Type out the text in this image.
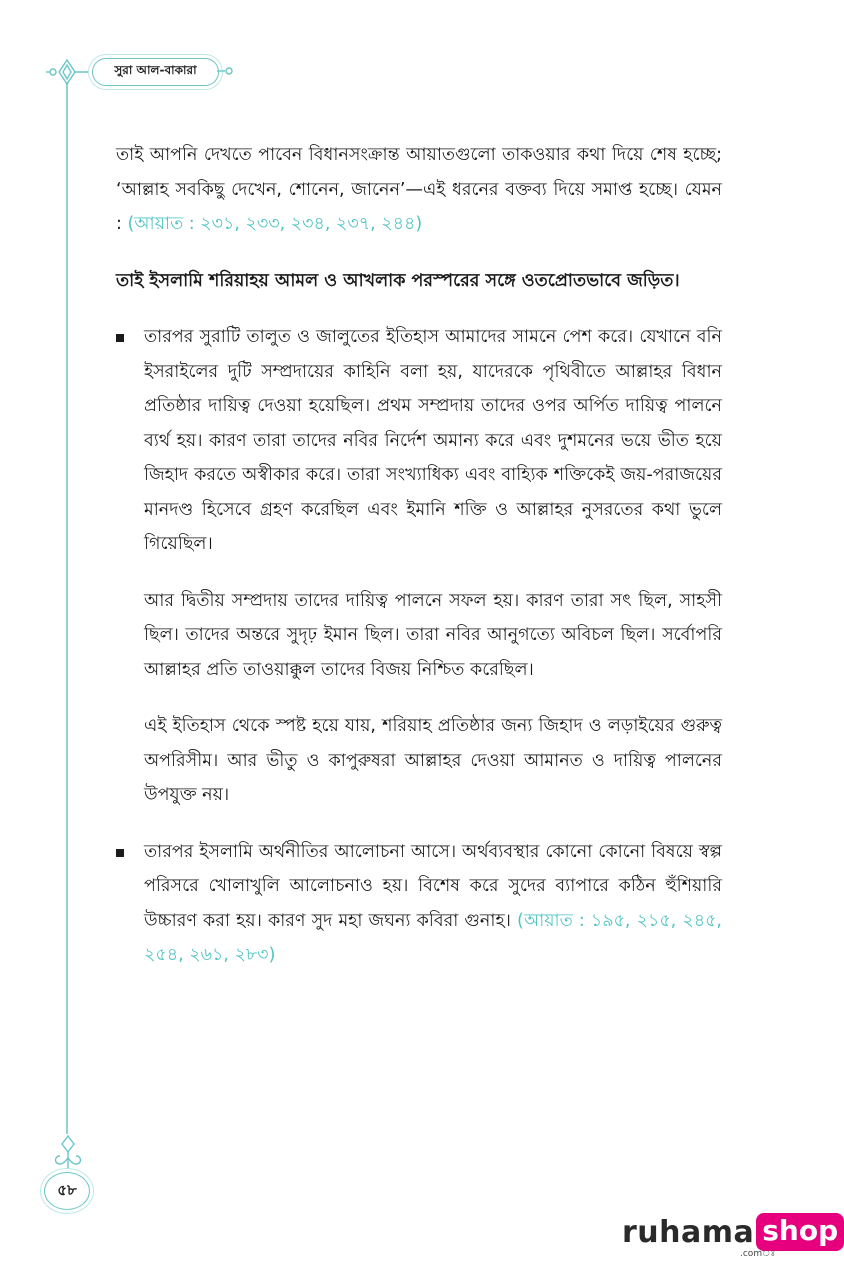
সুরা আল-বাকারা
৫৮

তাই আপনি দেখতে পাবেন বিধানসংক্রান্ত আয়াতগুলো তাকওয়ার কথা দিয়ে শেষ হচ্ছে; ‘আল্লাহ সবকিছু দেখেন, শোনেন, জানেন’—এই ধরনের বক্তব্য দিয়ে সমাপ্ত হচ্ছে। যেমন : (আয়াত : ২৩১, ২৩৩, ২৩৪, ২৩৭, ২৪৪)

তাই ইসলামি শরিয়াহয় আমল ও আখলাক পরস্পরের সঙ্গে ওতপ্রোতভাবে জড়িত।

তারপর সুরাটি তালুত ও জালুতের ইতিহাস আমাদের সামনে পেশ করে। যেখানে বনি ইসরাইলের দুটি সম্প্রদায়ের কাহিনি বলা হয়, যাদেরকে পৃথিবীতে আল্লাহর বিধান প্রতিষ্ঠার দায়িত্ব দেওয়া হয়েছিল। প্রথম সম্প্রদায় তাদের ওপর অর্পিত দায়িত্ব পালনে ব্যর্থ হয়। কারণ তারা তাদের নবির নির্দেশ অমান্য করে এবং দুশমনের ভয়ে ভীত হয়ে জিহাদ করতে অস্বীকার করে। তারা সংখ্যাধিক্য এবং বাহ্যিক শক্তিকেই জয়-পরাজয়ের মানদণ্ড হিসেবে গ্রহণ করেছিল এবং ইমানি শক্তি ও আল্লাহর নুসরতের কথা ভুলে গিয়েছিল।

আর দ্বিতীয় সম্প্রদায় তাদের দায়িত্ব পালনে সফল হয়। কারণ তারা সৎ ছিল, সাহসী ছিল। তাদের অন্তরে সুদৃঢ় ইমান ছিল। তারা নবির আনুগত্যে অবিচল ছিল। সর্বোপরি আল্লাহর প্রতি তাওয়াক্কুল তাদের বিজয় নিশ্চিত করেছিল।

এই ইতিহাস থেকে স্পষ্ট হয়ে যায়, শরিয়াহ প্রতিষ্ঠার জন্য জিহাদ ও লড়াইয়ের গুরুত্ব অপরিসীম। আর ভীতু ও কাপুরুষরা আল্লাহর দেওয়া আমানত ও দায়িত্ব পালনের উপযুক্ত নয়।

তারপর ইসলামি অর্থনীতির আলোচনা আসে। অর্থব্যবস্থার কোনো কোনো বিষয়ে স্বল্প পরিসরে খোলাখুলি আলোচনাও হয়। বিশেষ করে সুদের ব্যাপারে কঠিন হুঁশিয়ারি উচ্চারণ করা হয়। কারণ সুদ মহা জঘন্য কবিরা গুনাহ। (আয়াত : ১৯৫, ২১৫, ২৪৫, ২৫৪, ২৬১, ২৮৩)

ruhama shop
.comঃ
